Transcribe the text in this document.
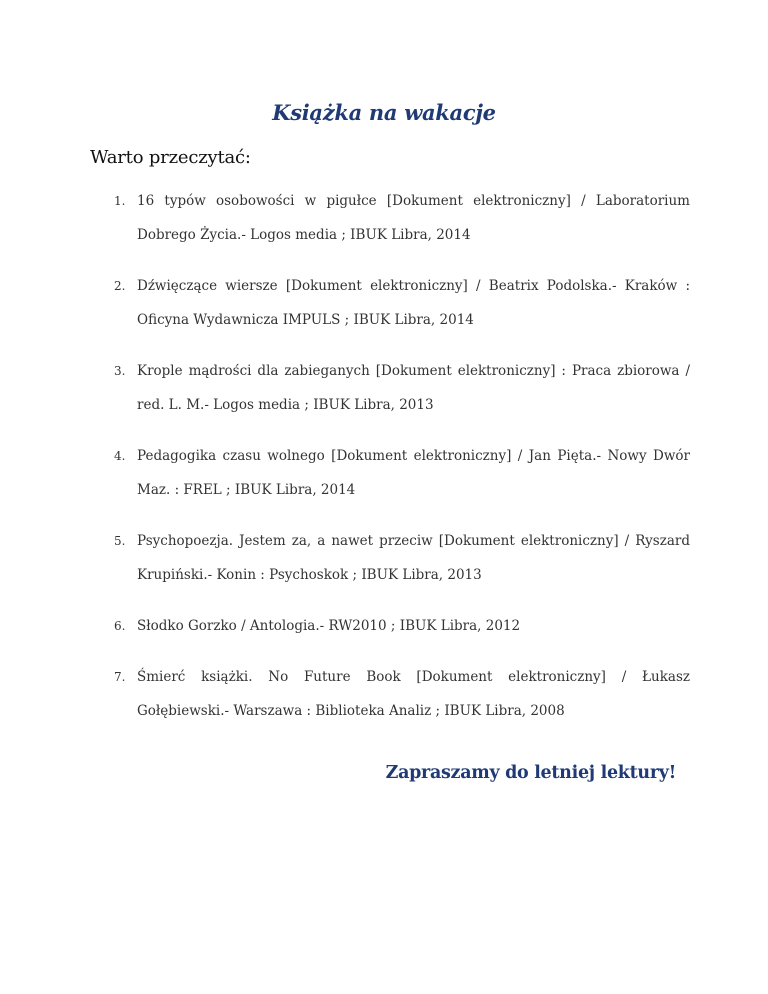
Książka na wakacje
Warto przeczytać:
1. 16 typów osobowości w pigułce [Dokument elektroniczny] / Laboratorium Dobrego Życia.- Logos media ; IBUK Libra, 2014
2. Dźwięczące wiersze [Dokument elektroniczny] / Beatrix Podolska.- Kraków : Oficyna Wydawnicza IMPULS ; IBUK Libra, 2014
3. Krople mądrości dla zabieganych [Dokument elektroniczny] : Praca zbiorowa / red. L. M.- Logos media ; IBUK Libra, 2013
4. Pedagogika czasu wolnego [Dokument elektroniczny] / Jan Pięta.- Nowy Dwór Maz. : FREL ; IBUK Libra, 2014
5. Psychopoezja. Jestem za, a nawet przeciw [Dokument elektroniczny] / Ryszard Krupiński.- Konin : Psychoskok ; IBUK Libra, 2013
6. Słodko Gorzko / Antologia.- RW2010 ; IBUK Libra, 2012
7. Śmierć książki. No Future Book [Dokument elektroniczny] / Łukasz Gołębiewski.- Warszawa : Biblioteka Analiz ; IBUK Libra, 2008
Zapraszamy do letniej lektury!
